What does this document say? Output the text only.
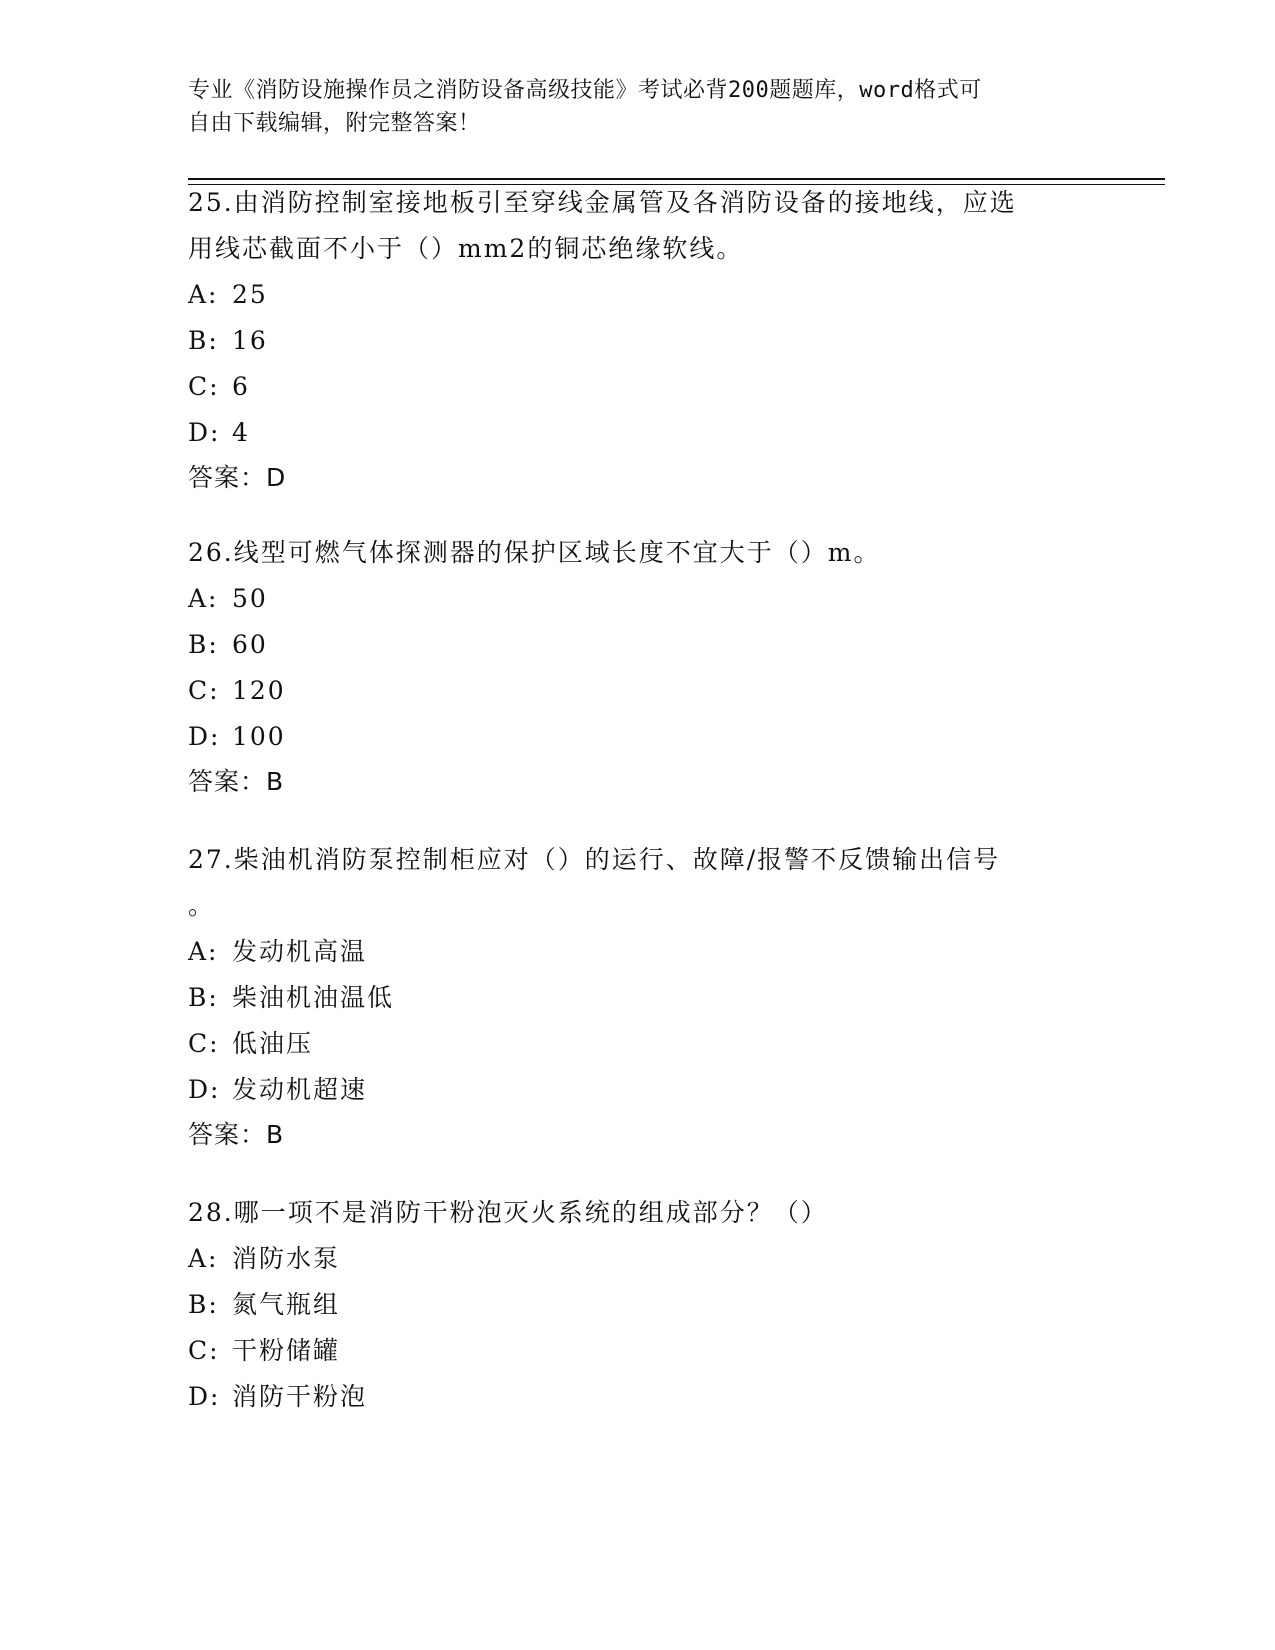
专业《消防设施操作员之消防设备高级技能》考试必背200题题库，word格式可
自由下载编辑，附完整答案！
25.由消防控制室接地板引至穿线金属管及各消防设备的接地线，应选
用线芯截面不小于（）mm2的铜芯绝缘软线。
A: 25
B: 16
C: 6
D: 4
答案：D
26.线型可燃气体探测器的保护区域长度不宜大于（）m。
A: 50
B: 60
C: 120
D: 100
答案：B
27.柴油机消防泵控制柜应对（）的运行、故障/报警不反馈输出信号
。
A: 发动机高温
B: 柴油机油温低
C: 低油压
D: 发动机超速
答案：B
28.哪一项不是消防干粉泡灭火系统的组成部分？（）
A: 消防水泵
B: 氮气瓶组
C: 干粉储罐
D: 消防干粉泡
